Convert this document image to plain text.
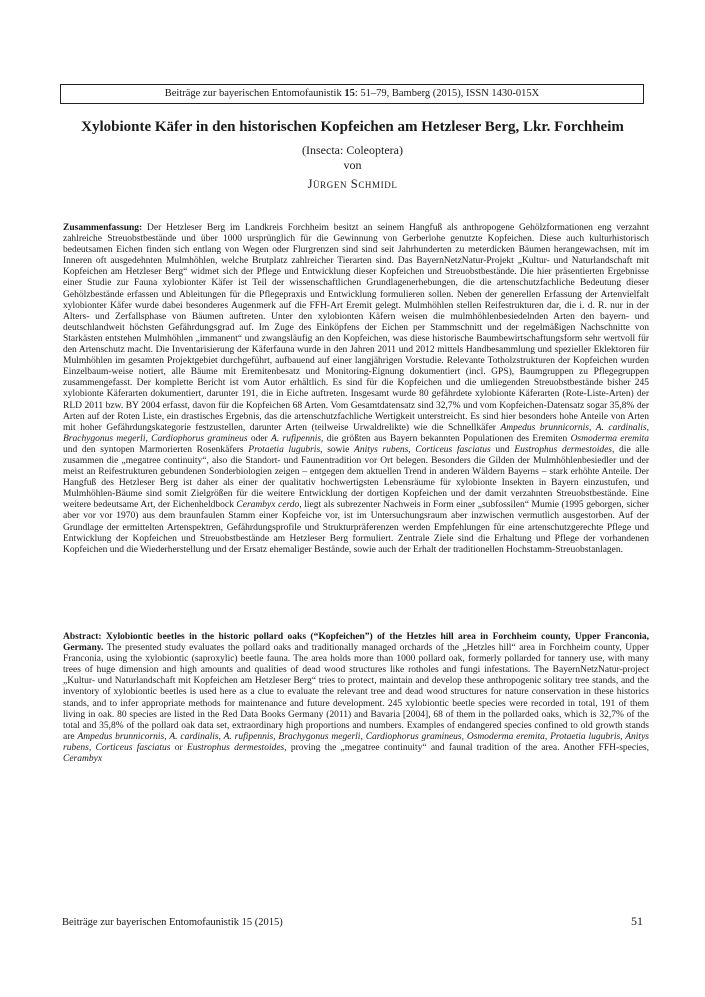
Beiträge zur bayerischen Entomofaunistik 15: 51–79, Bamberg (2015), ISSN 1430-015X
Xylobionte Käfer in den historischen Kopfeichen am Hetzleser Berg, Lkr. Forchheim
(Insecta: Coleoptera)
von
Jürgen Schmidl

Zusammenfassung: Der Hetzleser Berg im Landkreis Forchheim besitzt an seinem Hangfuß als anthropogene Gehölzformationen eng verzahnt zahlreiche Streuobstbestände und über 1000 ursprünglich für die Gewinnung von Gerberlohe genutzte Kopfeichen. Diese auch kulturhistorisch bedeutsamen Eichen finden sich entlang von Wegen oder Flurgrenzen sind sind seit Jahrhunderten zu meterdicken Bäumen herangewachsen, mit im Inneren oft ausgedehnten Mulmhöhlen, welche Brutplatz zahlreicher Tierarten sind. Das BayernNetzNatur-Projekt „Kultur- und Naturlandschaft mit Kopfeichen am Hetzleser Berg“ widmet sich der Pflege und Entwicklung dieser Kopfeichen und Streuobstbestände. Die hier präsentierten Ergebnisse einer Studie zur Fauna xylobionter Käfer ist Teil der wissenschaftlichen Grundlagenerhebungen, die die artenschutzfachliche Bedeutung dieser Gehölzbestände erfassen und Ableitungen für die Pflegepraxis und Entwicklung formulieren sollen. Neben der generellen Erfassung der Artenvielfalt xylobionter Käfer wurde dabei besonderes Augenmerk auf die FFH-Art Eremit gelegt. Mulmhöhlen stellen Reifestrukturen dar, die i. d. R. nur in der Alters- und Zerfallsphase von Bäumen auftreten. Unter den xylobionten Käfern weisen die mulmhöhlenbesiedelnden Arten den bayern- und deutschlandweit höchsten Gefährdungsgrad auf. Im Zuge des Einköpfens der Eichen per Stammschnitt und der regelmäßigen Nachschnitte von Starkästen entstehen Mulmhöhlen „immanent“ und zwangsläufig an den Kopfeichen, was diese historische Baumbewirtschaftungsform sehr wertvoll für den Artenschutz macht. Die Inventarisierung der Käferfauna wurde in den Jahren 2011 und 2012 mittels Handbesammlung und spezieller Eklektoren für Mulmhöhlen im gesamten Projektgebiet durchgeführt, aufbauend auf einer langjährigen Vorstudie. Relevante Totholzstrukturen der Kopfeichen wurden Einzelbaum-weise notiert, alle Bäume mit Eremitenbesatz und Monitoring-Eignung dokumentiert (incl. GPS), Baumgruppen zu Pflegegruppen zusammengefasst. Der komplette Bericht ist vom Autor erhältlich. Es sind für die Kopfeichen und die umliegenden Streuobstbestände bisher 245 xylobionte Käferarten dokumentiert, darunter 191, die in Eiche auftreten. Insgesamt wurde 80 gefährdete xylobionte Käferarten (Rote-Liste-Arten) der RLD 2011 bzw. BY 2004 erfasst, davon für die Kopfeichen 68 Arten. Vom Gesamtdatensatz sind 32,7% und vom Kopfeichen-Datensatz sogar 35,8% der Arten auf der Roten Liste, ein drastisches Ergebnis, das die artenschutzfachliche Wertigkeit unterstreicht. Es sind hier besonders hohe Anteile von Arten mit hoher Gefährdungskategorie festzustellen, darunter Arten (teilweise Urwaldrelikte) wie die Schnellkäfer Ampedus brunnicornis, A. cardinalis, Brachygonus megerli, Cardiophorus gramineus oder A. rufipennis, die größten aus Bayern bekannten Populationen des Eremiten Osmoderma eremita und den syntopen Marmorierten Rosenkäfers Protaetia lugubris, sowie Anitys rubens, Corticeus fasciatus und Eustrophus dermestoides, die alle zusammen die „megatree continuity“, also die Standort- und Faunentradition vor Ort belegen. Besonders die Gilden der Mulmhöhlenbesiedler und der meist an Reifestrukturen gebundenen Sonderbiologien zeigen – entgegen dem aktuellen Trend in anderen Wäldern Bayerns – stark erhöhte Anteile. Der Hangfuß des Hetzleser Berg ist daher als einer der qualitativ hochwertigsten Lebensräume für xylobionte Insekten in Bayern einzustufen, und Mulmhöhlen-Bäume sind somit Zielgrößen für die weitere Entwicklung der dortigen Kopfeichen und der damit verzahnten Streuobstbestände. Eine weitere bedeutsame Art, der Eichenheldbock Cerambyx cerdo, liegt als subrezenter Nachweis in Form einer „subfossilen“ Mumie (1995 geborgen, sicher aber vor vor 1970) aus dem braunfaulen Stamm einer Kopfeiche vor, ist im Untersuchungsraum aber inzwischen vermutlich ausgestorben. Auf der Grundlage der ermittelten Artenspektren, Gefährdungsprofile und Strukturpräferenzen werden Empfehlungen für eine artenschutzgerechte Pflege und Entwicklung der Kopfeichen und Streuobstbestände am Hetzleser Berg formuliert. Zentrale Ziele sind die Erhaltung und Pflege der vorhandenen Kopfeichen und die Wiederherstellung und der Ersatz ehemaliger Bestände, sowie auch der Erhalt der traditionellen Hochstamm-Streuobstanlagen.

Abstract: Xylobiontic beetles in the historic pollard oaks (“Kopfeichen”) of the Hetzles hill area in Forchheim county, Upper Franconia, Germany. The presented study evaluates the pollard oaks and traditionally managed orchards of the „Hetzles hill“ area in Forchheim county, Upper Franconia, using the xylobiontic (saproxylic) beetle fauna. The area holds more than 1000 pollard oak, formerly pollarded for tannery use, with many trees of huge dimension and high amounts and qualities of dead wood structures like rotholes and fungi infestations. The BayernNetzNatur-project „Kultur- und Naturlandschaft mit Kopfeichen am Hetzleser Berg“ tries to protect, maintain and develop these anthropogenic solitary tree stands, and the inventory of xylobiontic beetles is used here as a clue to evaluate the relevant tree and dead wood structures for nature conservation in these historics stands, and to infer appropriate methods for maintenance and future development. 245 xylobiontic beetle species were recorded in total, 191 of them living in oak. 80 species are listed in the Red Data Books Germany (2011) and Bavaria [2004], 68 of them in the pollarded oaks, which is 32,7% of the total and 35,8% of the pollard oak data set, extraordinary high proportions and numbers. Examples of endangered species confined to old growth stands are Ampedus brunnicornis, A. cardinalis, A. rufipennis, Brachygonus megerli, Cardiophorus gramineus, Osmoderma eremita, Protaetia lugubris, Anitys rubens, Corticeus fasciatus or Eustrophus dermestoides, proving the „megatree continuity“ and faunal tradition of the area. Another FFH-species, Cerambyx

Beiträge zur bayerischen Entomofaunistik 15 (2015)	51
